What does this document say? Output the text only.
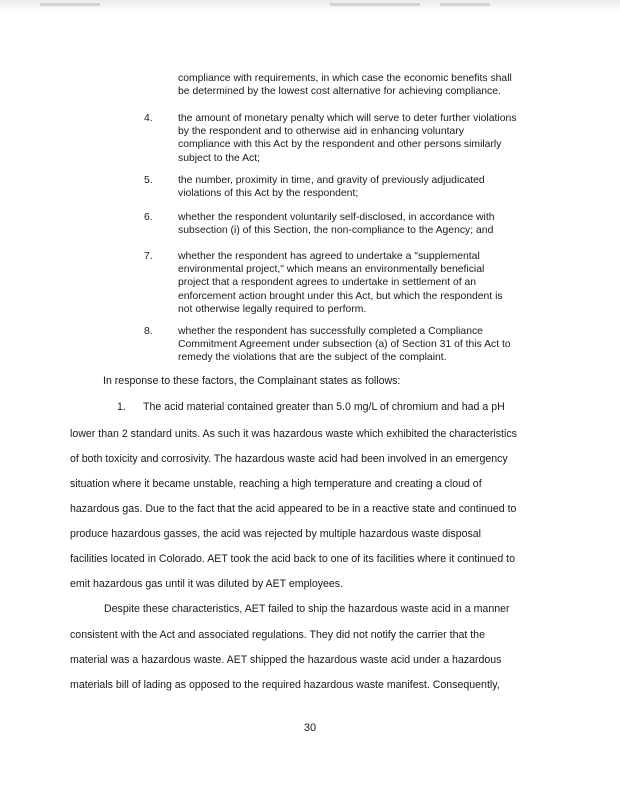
compliance with requirements, in which case the economic benefits shall
be determined by the lowest cost alternative for achieving compliance.
4.	the amount of monetary penalty which will serve to deter further violations
by the respondent and to otherwise aid in enhancing voluntary
compliance with this Act by the respondent and other persons similarly
subject to the Act;
5.	the number, proximity in time, and gravity of previously adjudicated
violations of this Act by the respondent;
6.	whether the respondent voluntarily self-disclosed, in accordance with
subsection (i) of this Section, the non-compliance to the Agency; and
7.	whether the respondent has agreed to undertake a "supplemental
environmental project," which means an environmentally beneficial
project that a respondent agrees to undertake in settlement of an
enforcement action brought under this Act, but which the respondent is
not otherwise legally required to perform.
8.	whether the respondent has successfully completed a Compliance
Commitment Agreement under subsection (a) of Section 31 of this Act to
remedy the violations that are the subject of the complaint.
In response to these factors, the Complainant states as follows:
1. The acid material contained greater than 5.0 mg/L of chromium and had a pH
lower than 2 standard units. As such it was hazardous waste which exhibited the characteristics
of both toxicity and corrosivity. The hazardous waste acid had been involved in an emergency
situation where it became unstable, reaching a high temperature and creating a cloud of
hazardous gas. Due to the fact that the acid appeared to be in a reactive state and continued to
produce hazardous gasses, the acid was rejected by multiple hazardous waste disposal
facilities located in Colorado. AET took the acid back to one of its facilities where it continued to
emit hazardous gas until it was diluted by AET employees.
Despite these characteristics, AET failed to ship the hazardous waste acid in a manner
consistent with the Act and associated regulations. They did not notify the carrier that the
material was a hazardous waste. AET shipped the hazardous waste acid under a hazardous
materials bill of lading as opposed to the required hazardous waste manifest. Consequently,
30
